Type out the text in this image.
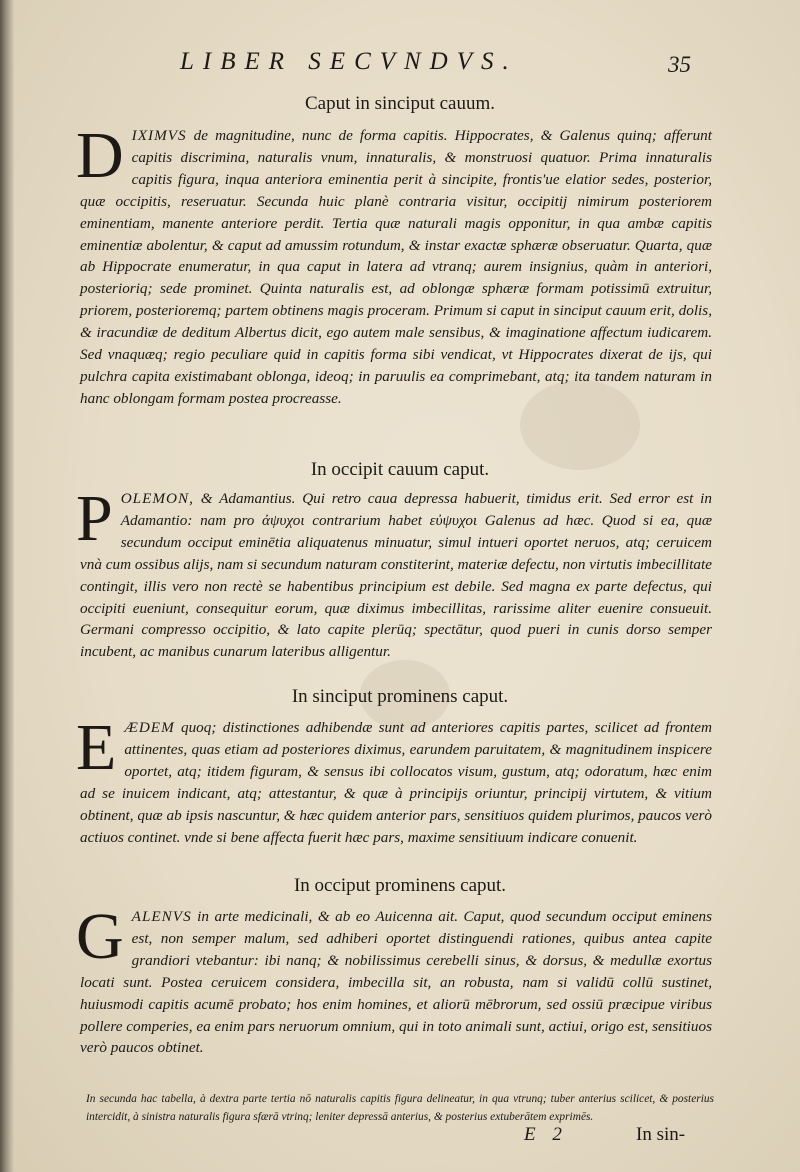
LIBER SECVNDVS.	35
Caput in sinciput cauum.

DIXIMVS de magnitudine, nunc de forma capitis. Hippocrates, & Galenus quinq; afferunt capitis discrimina, naturalis vnum, innaturalis, & monstruosi quatuor. Prima innaturalis capitis figura, inqua anteriora eminentia perit à sincipite, frontis'ue elatior sedes, posterior, quæ occipitis, reseruatur. Secunda huic planè contraria visitur, occipitij nimirum posteriorem eminentiam, manente anteriore perdit. Tertia quæ naturali magis opponitur, in qua ambæ capitis eminentiæ abolentur, & caput ad amussim rotundum, & instar exactæ sphæræ obseruatur. Quarta, quæ ab Hippocrate enumeratur, in qua caput in latera ad vtranq; aurem insignius, quàm in anteriori, posterioriq; sede prominet. Quinta naturalis est, ad oblongæ sphæræ formam potissimū extruitur, priorem, posterioremq; partem obtinens magis proceram. Primum si caput in sinciput cauum erit, dolis, & iracundiæ de deditum Albertus dicit, ego autem male sensibus, & imaginatione affectum iudicarem. Sed vnaquæq; regio peculiare quid in capitis forma sibi vendicat, vt Hippocrates dixerat de ijs, qui pulchra capita existimabant oblonga, ideoq; in paruulis ea comprimebant, atq; ita tandem naturam in hanc oblongam formam postea procreasse.

In occipit cauum caput.

POLEMON, & Adamantius. Qui retro caua depressa habuerit, timidus erit. Sed error est in Adamantio: nam pro ἀψυχοι contrarium habet εὐψυχοι Galenus ad hæc. Quod si ea, quæ secundum occiput eminētia aliquatenus minuatur, simul intueri oportet neruos, atq; ceruicem vnà cum ossibus alijs, nam si secundum naturam constiterint, materiæ defectu, non virtutis imbecillitate contingit, illis vero non rectè se habentibus principium est debile. Sed magna ex parte defectus, qui occipiti eueniunt, consequitur eorum, quæ diximus imbecillitas, rarissime aliter euenire consueuit. Germani compresso occipitio, & lato capite plerūq; spectātur, quod pueri in cunis dorso semper incubent, ac manibus cunarum lateribus alligentur.

In sinciput prominens caput.

EÆDEM quoq; distinctiones adhibendæ sunt ad anteriores capitis partes, scilicet ad frontem attinentes, quas etiam ad posteriores diximus, earundem paruitatem, & magnitudinem inspicere oportet, atq; itidem figuram, & sensus ibi collocatos visum, gustum, atq; odoratum, hæc enim ad se inuicem indicant, atq; attestantur, & quæ à principijs oriuntur, principij virtutem, & vitium obtinent, quæ ab ipsis nascuntur, & hæc quidem anterior pars, sensitiuos quidem plurimos, paucos verò actiuos continet. vnde si bene affecta fuerit hæc pars, maxime sensitiuum indicare conuenit.

In occiput prominens caput.

GALENVS in arte medicinali, & ab eo Auicenna ait. Caput, quod secundum occiput eminens est, non semper malum, sed adhiberi oportet distinguendi rationes, quibus antea capite grandiori vtebantur: ibi nanq; & nobilissimus cerebelli sinus, & dorsus, & medullæ exortus locati sunt. Postea ceruicem considera, imbecilla sit, an robusta, nam si validū collū sustinet, huiusmodi capitis acumē probato; hos enim homines, et aliorū mēbrorum, sed ossiū præcipue viribus pollere comperies, ea enim pars neruorum omnium, qui in toto animali sunt, actiui, origo est, sensitiuos verò paucos obtinet.

In secunda hac tabella, à dextra parte tertia nō naturalis capitis figura delineatur, in qua vtrunq; tuber anterius scilicet, & posterius intercidit, à sinistra naturalis figura sfærā vtrinq; leniter depressā anterius, & posterius extuberātem exprimēs.
E 2	In sin-
